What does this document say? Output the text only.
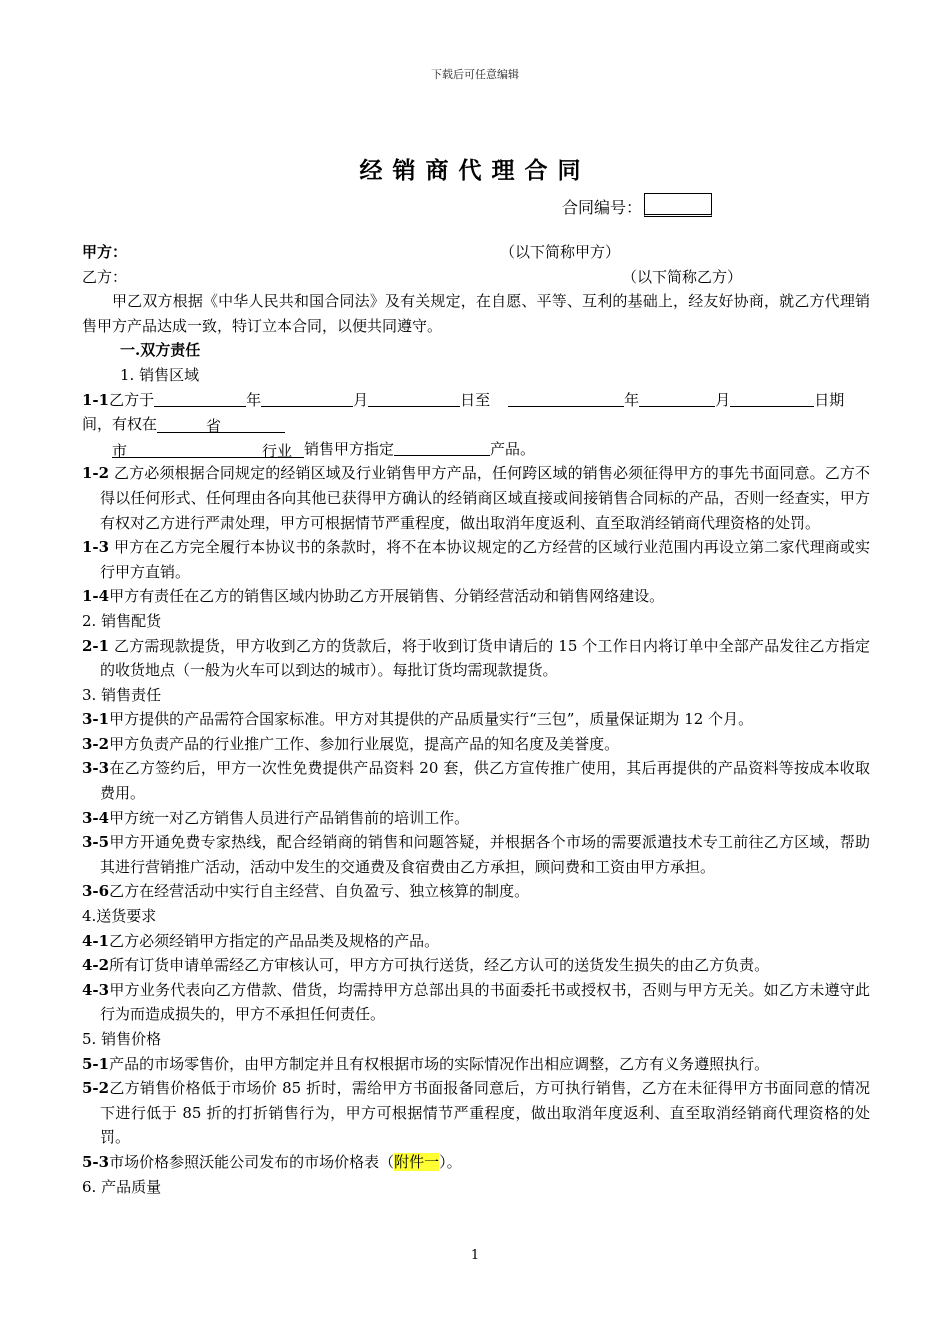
下载后可任意编辑
经销商代理合同
合同编号：
甲方：	（以下简称甲方）
乙方：	（以下简称乙方）

甲乙双方根据《中华人民共和国合同法》及有关规定，在自愿、平等、互利的基础上，经友好协商，就乙方代理销售甲方产品达成一致，特订立本合同，以便共同遵守。

一.双方责任

1. 销售区域

1-1乙方于	年	月	日至	年	月	日期
间，有权在	省
市	行业 销售甲方指定	产品。

1-2 乙方必须根据合同规定的经销区域及行业销售甲方产品，任何跨区域的销售必须征得甲方的事先书面同意。乙方不得以任何形式、任何理由各向其他已获得甲方确认的经销商区域直接或间接销售合同标的产品，否则一经查实，甲方有权对乙方进行严肃处理，甲方可根据情节严重程度，做出取消年度返利、直至取消经销商代理资格的处罚。

1-3 甲方在乙方完全履行本协议书的条款时，将不在本协议规定的乙方经营的区域行业范围内再设立第二家代理商或实行甲方直销。

1-4甲方有责任在乙方的销售区域内协助乙方开展销售、分销经营活动和销售网络建设。

2. 销售配货

2-1 乙方需现款提货，甲方收到乙方的货款后，将于收到订货申请后的 15 个工作日内将订单中全部产品发往乙方指定的收货地点（一般为火车可以到达的城市）。每批订货均需现款提货。

3. 销售责任

3-1甲方提供的产品需符合国家标准。甲方对其提供的产品质量实行“三包”，质量保证期为 12 个月。

3-2甲方负责产品的行业推广工作、参加行业展览，提高产品的知名度及美誉度。

3-3在乙方签约后，甲方一次性免费提供产品资料 20 套，供乙方宣传推广使用，其后再提供的产品资料等按成本收取费用。

3-4甲方统一对乙方销售人员进行产品销售前的培训工作。

3-5甲方开通免费专家热线，配合经销商的销售和问题答疑，并根据各个市场的需要派遣技术专工前往乙方区域，帮助其进行营销推广活动，活动中发生的交通费及食宿费由乙方承担，顾问费和工资由甲方承担。

3-6乙方在经营活动中实行自主经营、自负盈亏、独立核算的制度。

4.送货要求

4-1乙方必须经销甲方指定的产品品类及规格的产品。

4-2所有订货申请单需经乙方审核认可，甲方方可执行送货，经乙方认可的送货发生损失的由乙方负责。

4-3甲方业务代表向乙方借款、借货，均需持甲方总部出具的书面委托书或授权书，否则与甲方无关。如乙方未遵守此行为而造成损失的，甲方不承担任何责任。

5. 销售价格

5-1产品的市场零售价，由甲方制定并且有权根据市场的实际情况作出相应调整，乙方有义务遵照执行。

5-2乙方销售价格低于市场价 85 折时，需给甲方书面报备同意后，方可执行销售，乙方在未征得甲方书面同意的情况下进行低于 85 折的打折销售行为，甲方可根据情节严重程度，做出取消年度返利、直至取消经销商代理资格的处罚。

5-3市场价格参照沃能公司发布的市场价格表（附件一）。

6. 产品质量

1
